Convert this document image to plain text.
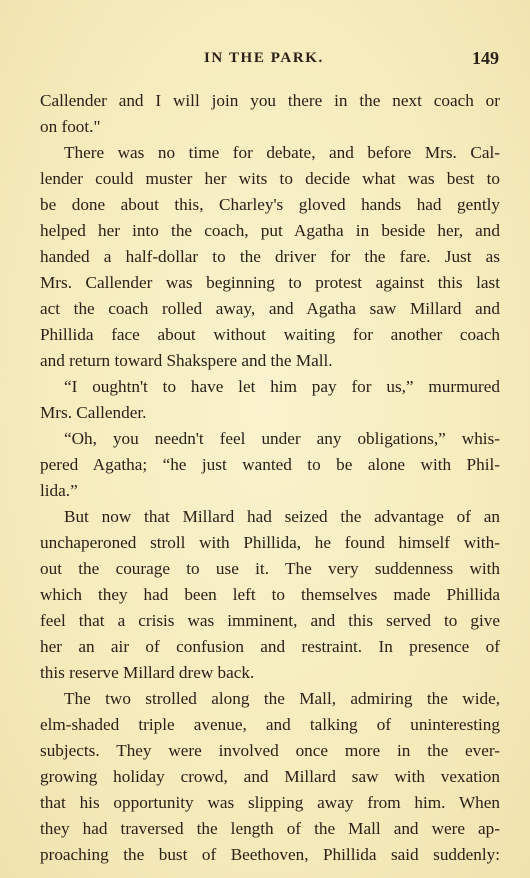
IN THE PARK.	149
Callender and I will join you there in the next coach or
on foot."
There was no time for debate, and before Mrs. Cal-
lender could muster her wits to decide what was best to
be done about this, Charley's gloved hands had gently
helped her into the coach, put Agatha in beside her, and
handed a half-dollar to the driver for the fare. Just as
Mrs. Callender was beginning to protest against this last
act the coach rolled away, and Agatha saw Millard and
Phillida face about without waiting for another coach
and return toward Shakspere and the Mall.
“I oughtn't to have let him pay for us,” murmured
Mrs. Callender.
“Oh, you needn't feel under any obligations,” whis-
pered Agatha; “he just wanted to be alone with Phil-
lida.”
But now that Millard had seized the advantage of an
unchaperoned stroll with Phillida, he found himself with-
out the courage to use it. The very suddenness with
which they had been left to themselves made Phillida
feel that a crisis was imminent, and this served to give
her an air of confusion and restraint. In presence of
this reserve Millard drew back.
The two strolled along the Mall, admiring the wide,
elm-shaded triple avenue, and talking of uninteresting
subjects. They were involved once more in the ever-
growing holiday crowd, and Millard saw with vexation
that his opportunity was slipping away from him. When
they had traversed the length of the Mall and were ap-
proaching the bust of Beethoven, Phillida said suddenly:
